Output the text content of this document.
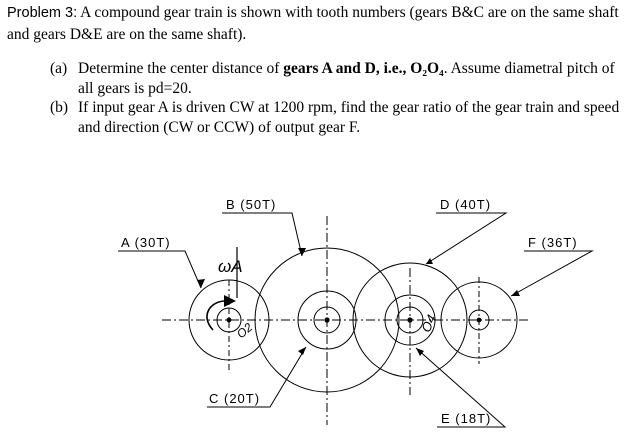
Problem 3: A compound gear train is shown with tooth numbers (gears B&C are on the same shaft and gears D&E are on the same shaft).
(a) Determine the center distance of gears A and D, i.e., O₂O₄. Assume diametral pitch of all gears is pd=20.
(b) If input gear A is driven CW at 1200 rpm, find the gear ratio of the gear train and speed and direction (CW or CCW) of output gear F.
A (30T)
B (50T)
C (20T)
D (40T)
E (18T)
F (36T)
ωA
O2	O4
